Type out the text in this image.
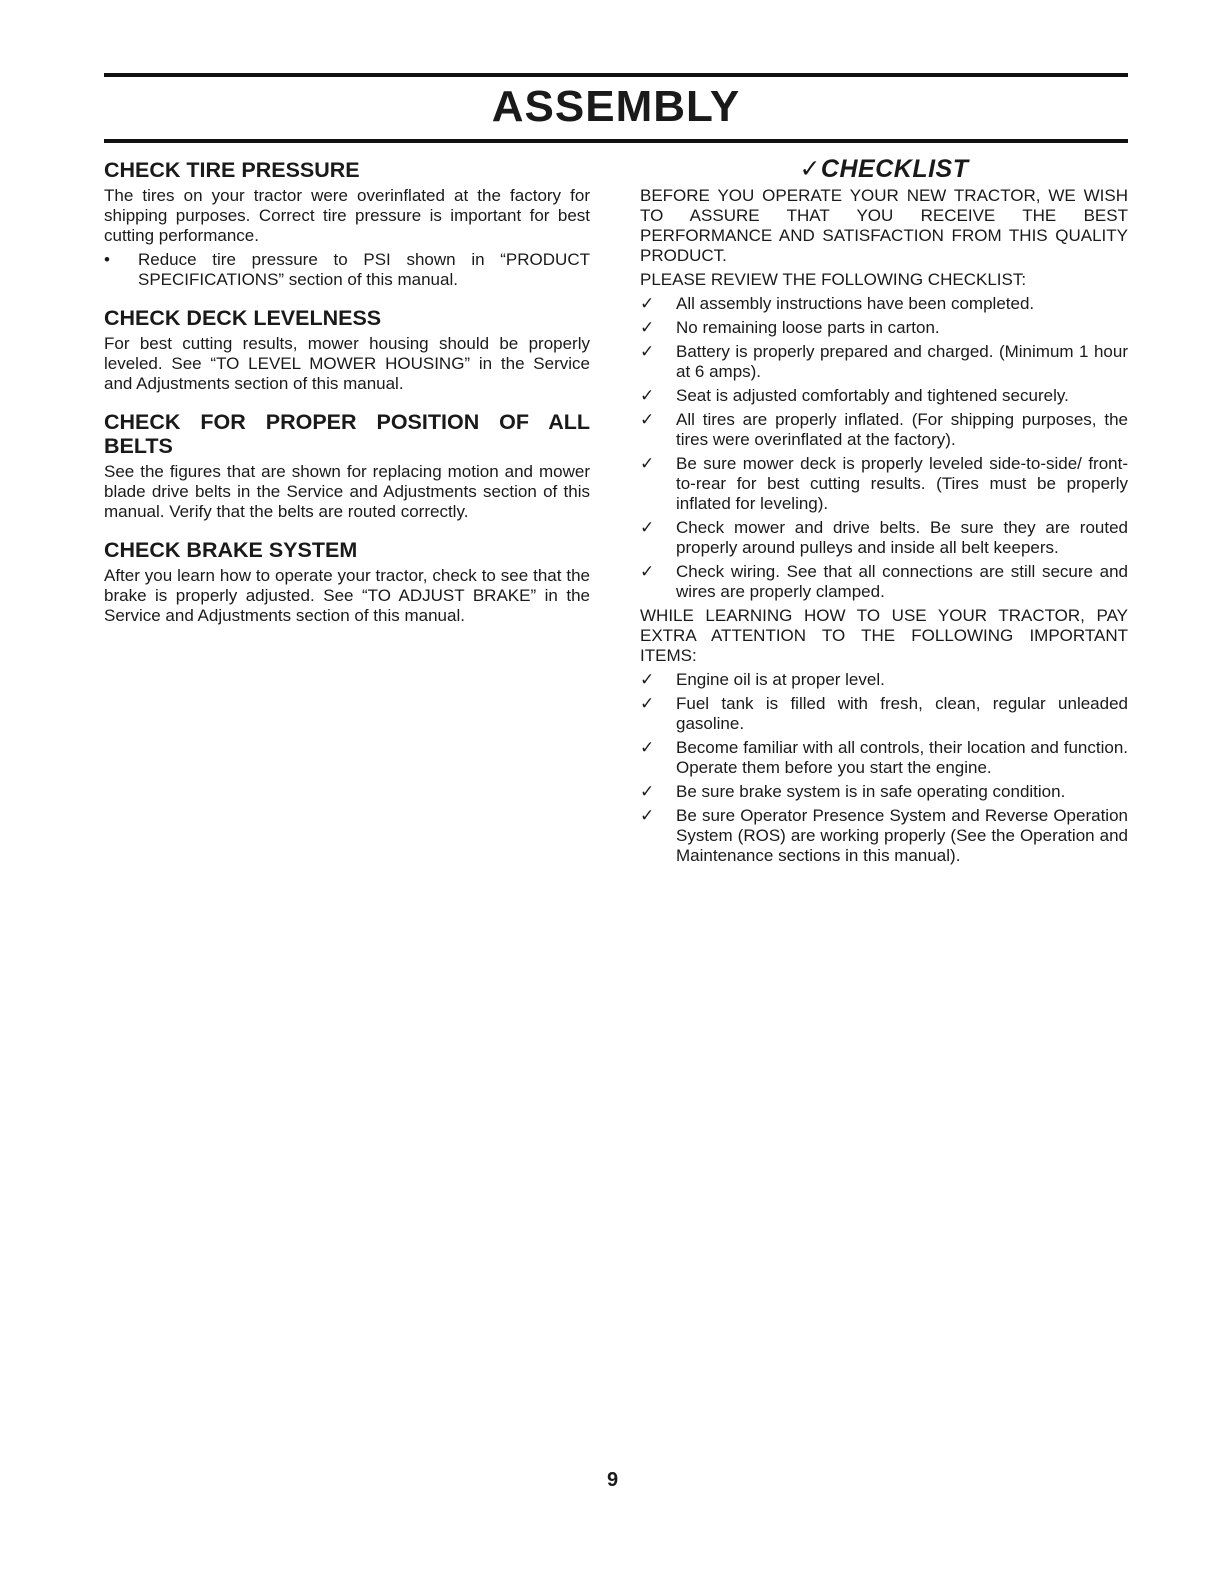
ASSEMBLY
CHECK TIRE PRESSURE

The tires on your tractor were overinflated at the factory for shipping purposes. Correct tire pressure is important for best cutting performance.

• Reduce tire pressure to PSI shown in “PRODUCT SPECIFICATIONS” section of this manual.
CHECK DECK LEVELNESS

For best cutting results, mower housing should be properly leveled. See “TO LEVEL MOWER HOUSING” in the Service and Adjustments section of this manual.

CHECK FOR PROPER POSITION OF ALL BELTS

See the figures that are shown for replacing motion and mower blade drive belts in the Service and Adjustments section of this manual. Verify that the belts are routed correctly.

CHECK BRAKE SYSTEM

After you learn how to operate your tractor, check to see that the brake is properly adjusted. See “TO ADJUST BRAKE” in the Service and Adjustments section of this manual.

✓CHECKLIST

BEFORE YOU OPERATE YOUR NEW TRACTOR, WE WISH TO ASSURE THAT YOU RECEIVE THE BEST PERFORMANCE AND SATISFACTION FROM THIS QUALITY PRODUCT.

PLEASE REVIEW THE FOLLOWING CHECKLIST:

✓ All assembly instructions have been completed.
✓ No remaining loose parts in carton.
✓ Battery is properly prepared and charged. (Minimum 1 hour at 6 amps).
✓ Seat is adjusted comfortably and tightened securely.
✓ All tires are properly inflated. (For shipping purposes, the tires were overinflated at the factory).
✓ Be sure mower deck is properly leveled side-to-side/ front-to-rear for best cutting results. (Tires must be properly inflated for leveling).
✓ Check mower and drive belts. Be sure they are routed properly around pulleys and inside all belt keepers.
✓ Check wiring. See that all connections are still secure and wires are properly clamped.

WHILE LEARNING HOW TO USE YOUR TRACTOR, PAY EXTRA ATTENTION TO THE FOLLOWING IMPORTANT ITEMS:

✓ Engine oil is at proper level.
✓ Fuel tank is filled with fresh, clean, regular unleaded gasoline.
✓ Become familiar with all controls, their location and function. Operate them before you start the engine.
✓ Be sure brake system is in safe operating condition.
✓ Be sure Operator Presence System and Reverse Operation System (ROS) are working properly (See the Operation and Maintenance sections in this manual).
9
